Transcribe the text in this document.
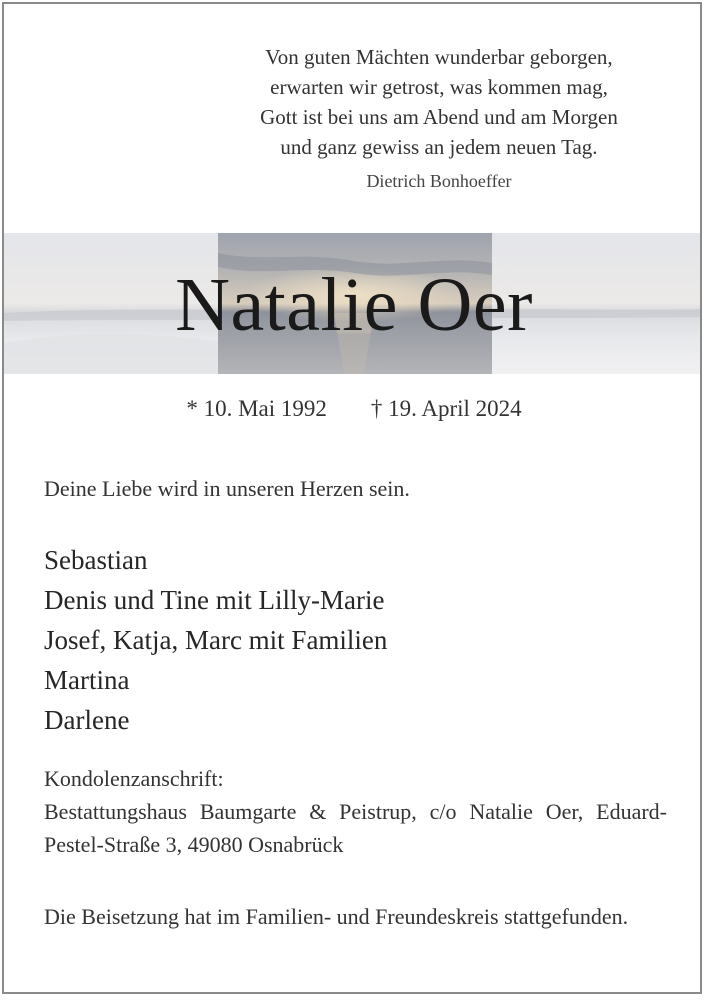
Von guten Mächten wunderbar geborgen,
erwarten wir getrost, was kommen mag,
Gott ist bei uns am Abend und am Morgen
und ganz gewiss an jedem neuen Tag.
Dietrich Bonhoeffer
Natalie Oer
* 10. Mai 1992 † 19. April 2024
Deine Liebe wird in unseren Herzen sein.
Sebastian
Denis und Tine mit Lilly-Marie
Josef, Katja, Marc mit Familien
Martina
Darlene
Kondolenzanschrift:
Bestattungshaus Baumgarte & Peistrup, c/o Natalie Oer, Eduard-Pestel-Straße 3, 49080 Osnabrück
Die Beisetzung hat im Familien- und Freundeskreis stattgefunden.
